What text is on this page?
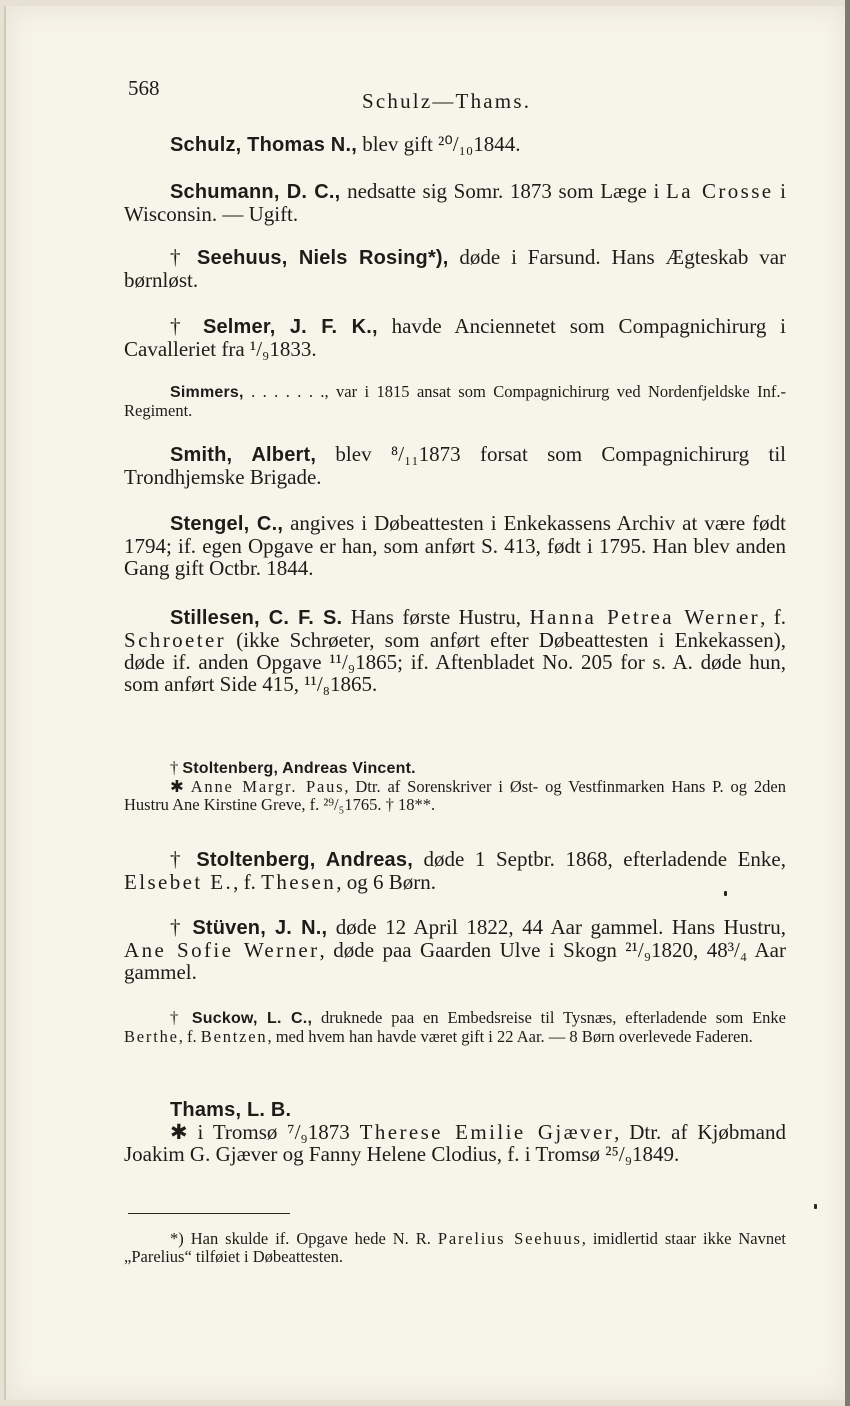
568
Schulz—Thams.

Schulz, Thomas N., blev gift ²⁰/₁₀1844.

Schumann, D. C., nedsatte sig Somr. 1873 som Læge i La Crosse i Wisconsin. — Ugift.

† Seehuus, Niels Rosing*), døde i Farsund. Hans Ægteskab var børnløst.

† Selmer, J. F. K., havde Anciennetet som Compagnichirurg i Cavalleriet fra ¹/₉1833.

Simmers, . . . . . . ., var i 1815 ansat som Compagnichirurg ved Nordenfjeldske Inf.-Regiment.

Smith, Albert, blev ⁸/₁₁1873 forsat som Compagnichirurg til Trondhjemske Brigade.

Stengel, C., angives i Døbeattesten i Enkekassens Archiv at være født 1794; if. egen Opgave er han, som anført S. 413, født i 1795. Han blev anden Gang gift Octbr. 1844.

Stillesen, C. F. S. Hans første Hustru, Hanna Petrea Werner, f. Schroeter (ikke Schrøeter, som anført efter Døbeattesten i Enkekassen), døde if. anden Opgave ¹¹/₉1865; if. Aftenbladet No. 205 for s. A. døde hun, som anført Side 415, ¹¹/₈1865.

† Stoltenberg, Andreas Vincent.

✱ Anne Margr. Paus, Dtr. af Sorenskriver i Øst- og Vestfinmarken Hans P. og 2den Hustru Ane Kirstine Greve, f. ²⁹/₅1765. † 18**.

† Stoltenberg, Andreas, døde 1 Septbr. 1868, efterladende Enke, Elsebet E., f. Thesen, og 6 Børn.

† Stüven, J. N., døde 12 April 1822, 44 Aar gammel. Hans Hustru, Ane Sofie Werner, døde paa Gaarden Ulve i Skogn ²¹/₉1820, 48³/₄ Aar gammel.

† Suckow, L. C., druknede paa en Embedsreise til Tysnæs, efterladende som Enke Berthe, f. Bentzen, med hvem han havde været gift i 22 Aar. — 8 Børn overlevede Faderen.

Thams, L. B.

✱ i Tromsø ⁷/₉1873 Therese Emilie Gjæver, Dtr. af Kjøbmand Joakim G. Gjæver og Fanny Helene Clodius, f. i Tromsø ²⁵/₉1849.

*) Han skulde if. Opgave hede N. R. Parelius Seehuus, imidlertid staar ikke Navnet „Parelius“ tilføiet i Døbeattesten.
